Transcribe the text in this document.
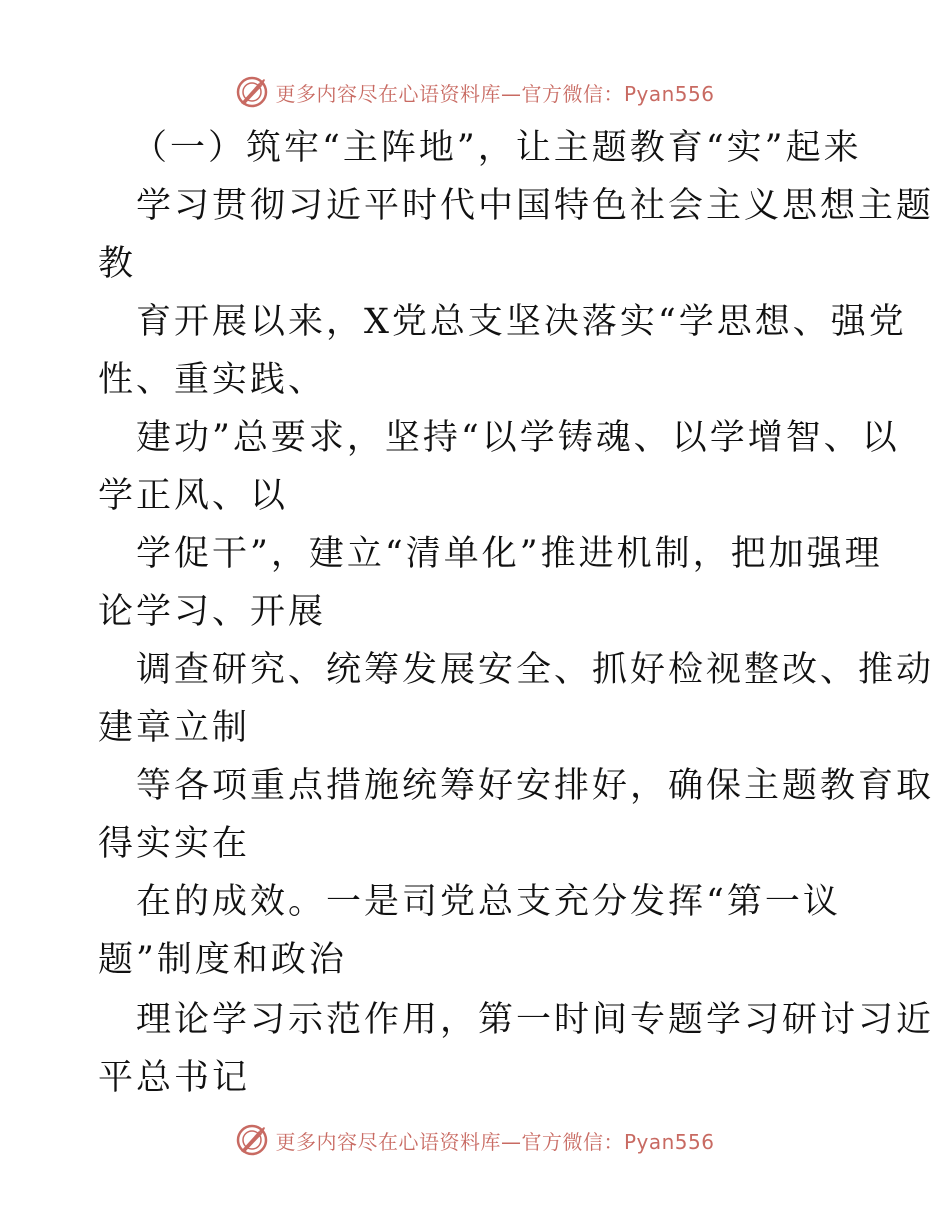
更多内容尽在心语资料库—官方微信：Pyan556
（一）筑牢“主阵地”，让主题教育“实”起来
学习贯彻习近平时代中国特色社会主义思想主题
教
育开展以来，X党总支坚决落实“学思想、强党
性、重实践、
建功”总要求，坚持“以学铸魂、以学增智、以
学正风、以
学促干”，建立“清单化”推进机制，把加强理
论学习、开展
调查研究、统筹发展安全、抓好检视整改、推动
建章立制
等各项重点措施统筹好安排好，确保主题教育取
得实实在
在的成效。一是司党总支充分发挥“第一议
题”制度和政治
理论学习示范作用，第一时间专题学习研讨习近
平总书记
更多内容尽在心语资料库—官方微信：Pyan556
